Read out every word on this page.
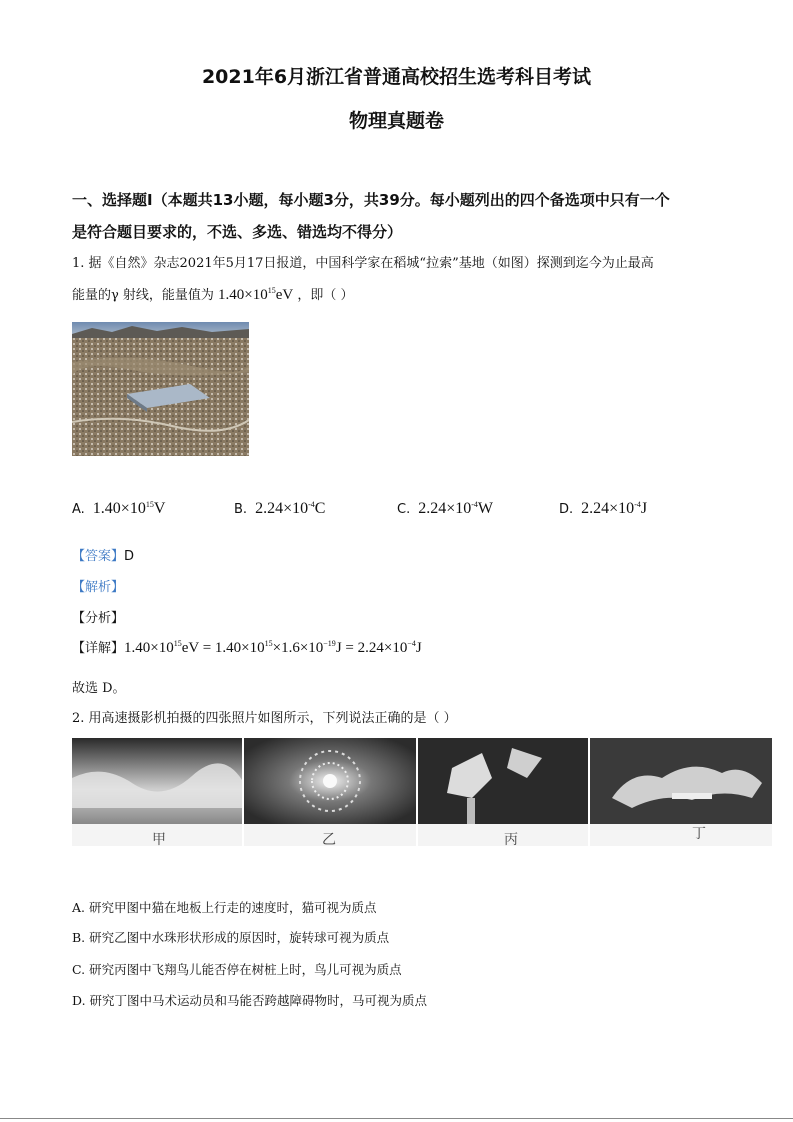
2021年6月浙江省普通高校招生选考科目考试
物理真题卷
一、选择题Ⅰ（本题共13小题，每小题3分，共39分。每小题列出的四个备选项中只有一个
是符合题目要求的，不选、多选、错选均不得分）
1. 据《自然》杂志2021年5月17日报道，中国科学家在稻城“拉索”基地（如图）探测到迄今为止最高
能量的γ 射线，能量值为 $1.40\times 10^{15}eV$ ，即（ ）
A. $1.40\times 10^{15}V$	B. $2.24\times 10^{-4}C$	C. $2.24\times 10^{-4}W$	D. $2.24\times 10^{-4}J$
【答案】D
【解析】
【分析】
【详解】$1.40\times 10^{15}eV = 1.40\times 10^{15}\times 1.6\times 10^{-19}J = 2.24\times 10^{-4}J$
故选 D。
2. 用高速摄影机拍摄的四张照片如图所示，下列说法正确的是（ ）
甲	乙	丙	丁
A. 研究甲图中猫在地板上行走的速度时，猫可视为质点
B. 研究乙图中水珠形状形成的原因时，旋转球可视为质点
C. 研究丙图中飞翔鸟儿能否停在树桩上时，鸟儿可视为质点
D. 研究丁图中马术运动员和马能否跨越障碍物时，马可视为质点
